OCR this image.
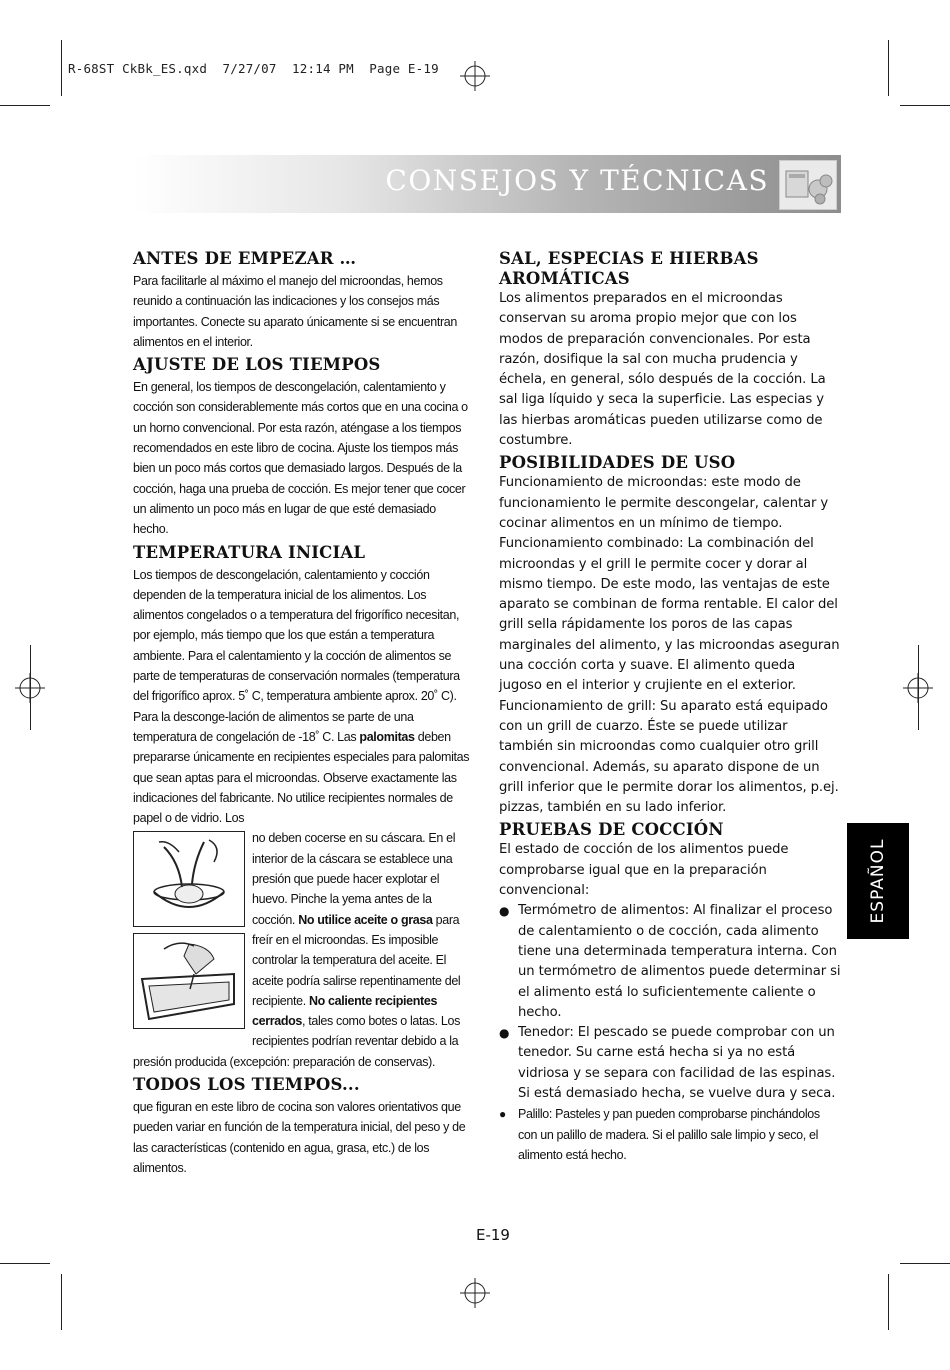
R-68ST CkBk_ES.qxd  7/27/07  12:14 PM  Page E-19
CONSEJOS Y TÉCNICAS
ANTES DE EMPEZAR …

Para facilitarle al máximo el manejo del microondas, hemos reunido a continuación las indicaciones y los consejos más importantes. Conecte su aparato únicamente si se encuentran alimentos en el interior.

AJUSTE DE LOS TIEMPOS

En general, los tiempos de descongelación, calentamiento y cocción son considerablemente más cortos que en una cocina o un horno convencional. Por esta razón, aténgase a los tiempos recomendados en este libro de cocina. Ajuste los tiempos más bien un poco más cortos que demasiado largos. Después de la cocción, haga una prueba de cocción. Es mejor tener que cocer un alimento un poco más en lugar de que esté demasiado hecho.

TEMPERATURA INICIAL

Los tiempos de descongelación, calentamiento y cocción dependen de la temperatura inicial de los alimentos. Los alimentos congelados o a temperatura del frigorífico necesitan, por ejemplo, más tiempo que los que están a temperatura ambiente. Para el calentamiento y la cocción de alimentos se parte de temperaturas de conservación normales (temperatura del frigorífico aprox. 5˚ C, temperatura ambiente aprox. 20˚ C). Para la desconge-lación de alimentos se parte de una temperatura de congelación de -18˚ C. Las palomitas deben prepararse únicamente en recipientes especiales para palomitas que sean aptas para el microondas. Observe exactamente las indicaciones del fabricante. No utilice recipientes normales de papel o de vidrio. Los

no deben cocerse en su cáscara. En el interior de la cáscara se establece una presión que puede hacer explotar el huevo. Pinche la yema antes de la cocción. No utilice aceite o grasa para freír en el microondas. Es imposible controlar la temperatura del aceite. El aceite podría salirse repentinamente del recipiente. No caliente recipientes cerrados, tales como botes o latas. Los recipientes podrían reventar debido a la presión producida (excepción: preparación de conservas).

TODOS LOS TIEMPOS...

que figuran en este libro de cocina son valores orientativos que pueden variar en función de la temperatura inicial, del peso y de las características (contenido en agua, grasa, etc.) de los alimentos.

SAL, ESPECIAS E HIERBAS AROMÁTICAS

Los alimentos preparados en el microondas conservan su aroma propio mejor que con los modos de preparación convencionales. Por esta razón, dosifique la sal con mucha prudencia y échela, en general, sólo después de la cocción. La sal liga líquido y seca la superficie. Las especias y las hierbas aromáticas pueden utilizarse como de costumbre.

POSIBILIDADES DE USO

Funcionamiento de microondas: este modo de funcionamiento le permite descongelar, calentar y cocinar alimentos en un mínimo de tiempo.

Funcionamiento combinado: La combinación del microondas y el grill le permite cocer y dorar al mismo tiempo. De este modo, las ventajas de este aparato se combinan de forma rentable. El calor del grill sella rápidamente los poros de las capas marginales del alimento, y las microondas aseguran una cocción corta y suave. El alimento queda jugoso en el interior y crujiente en el exterior.

Funcionamiento de grill: Su aparato está equipado con un grill de cuarzo. Éste se puede utilizar también sin microondas como cualquier otro grill convencional. Además, su aparato dispone de un grill inferior que le permite dorar los alimentos, p.ej. pizzas, también en su lado inferior.

PRUEBAS DE COCCIÓN

El estado de cocción de los alimentos puede comprobarse igual que en la preparación convencional:

● Termómetro de alimentos: Al finalizar el proceso de calentamiento o de cocción, cada alimento tiene una determinada temperatura interna. Con un termómetro de alimentos puede determinar si el alimento está lo suficientemente caliente o hecho.
● Tenedor: El pescado se puede comprobar con un tenedor. Su carne está hecha si ya no está vidriosa y se separa con facilidad de las espinas. Si está demasiado hecha, se vuelve dura y seca.
● Palillo: Pasteles y pan pueden comprobarse pinchándolos con un palillo de madera. Si el palillo sale limpio y seco, el alimento está hecho.
ESPAÑOL
E-19
